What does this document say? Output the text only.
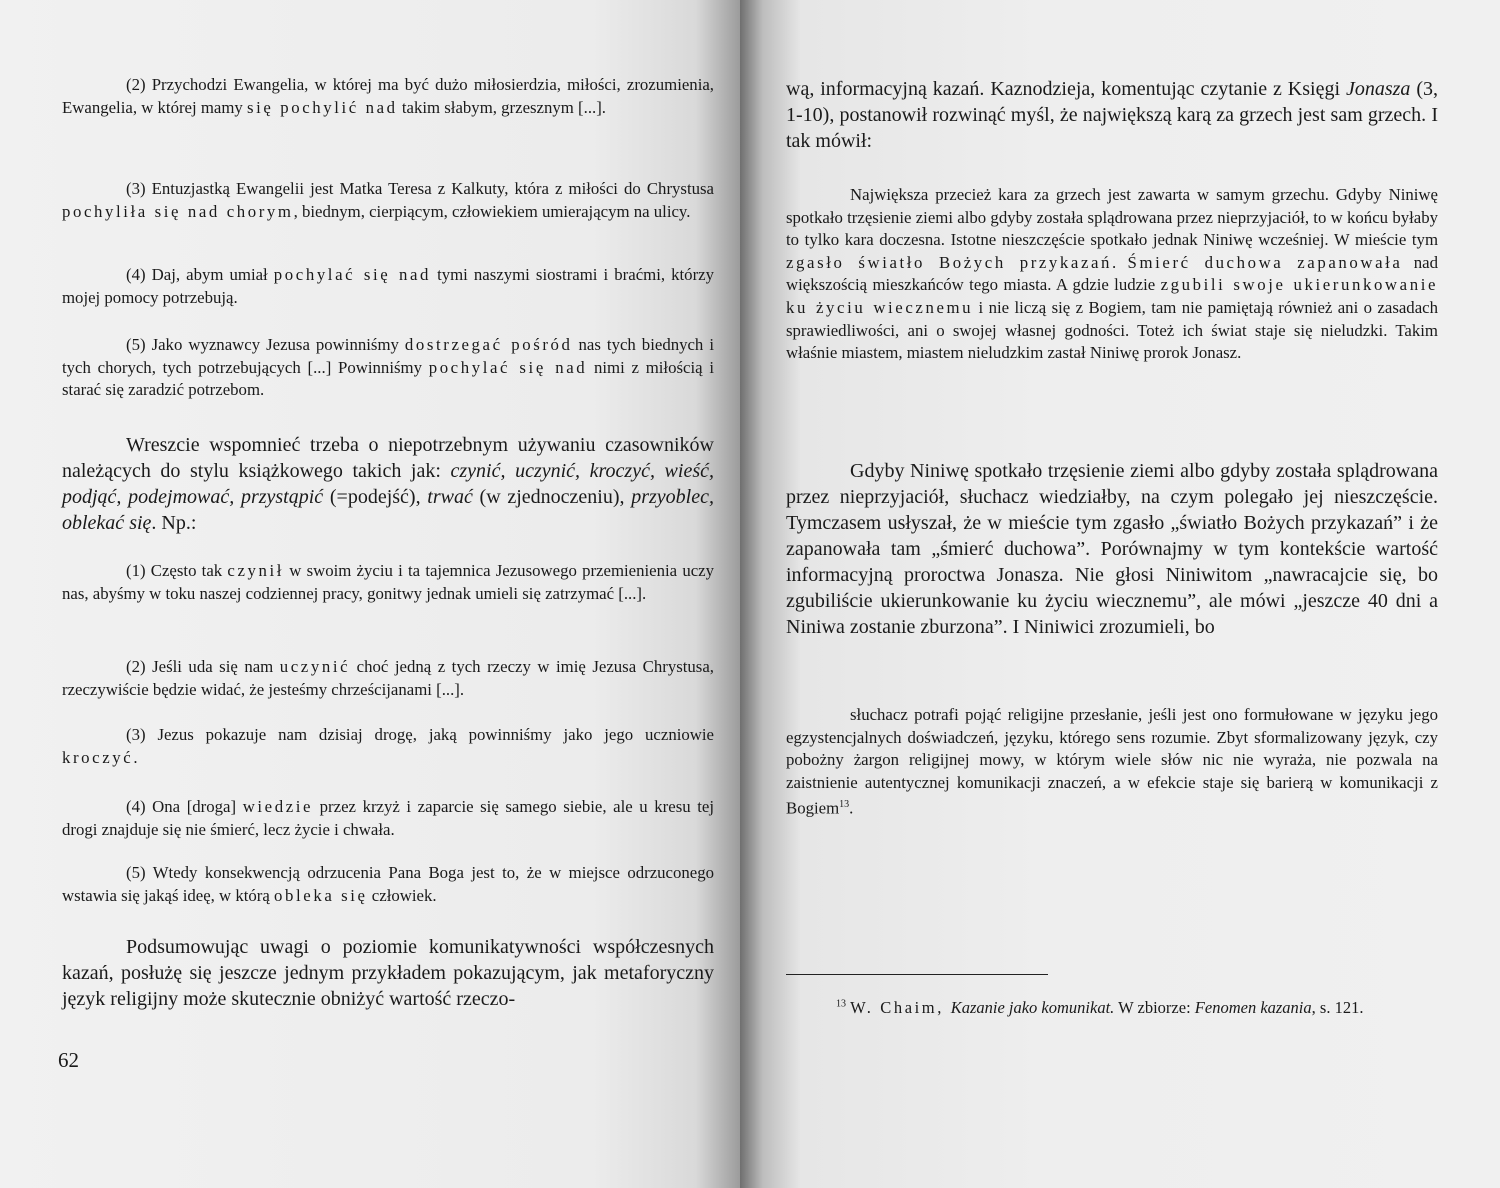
(2) Przychodzi Ewangelia, w której ma być dużo miłosierdzia, miłości, zrozumienia, Ewangelia, w której mamy się pochylić nad takim słabym, grzesznym [...].

(3) Entuzjastką Ewangelii jest Matka Teresa z Kalkuty, która z miłości do Chrystusa pochyliła się nad chorym, biednym, cierpiącym, człowiekiem umierającym na ulicy.

(4) Daj, abym umiał pochylać się nad tymi naszymi siostrami i braćmi, którzy mojej pomocy potrzebują.

(5) Jako wyznawcy Jezusa powinniśmy dostrzegać pośród nas tych biednych i tych chorych, tych potrzebujących [...] Powinniśmy pochylać się nad nimi z miłością i starać się zaradzić potrzebom.

Wreszcie wspomnieć trzeba o niepotrzebnym używaniu czasowników należących do stylu książkowego takich jak: czynić, uczynić, kroczyć, wieść, podjąć, podejmować, przystąpić (=podejść), trwać (w zjednoczeniu), przyoblec, oblekać się. Np.:

(1) Często tak czynił w swoim życiu i ta tajemnica Jezusowego przemienienia uczy nas, abyśmy w toku naszej codziennej pracy, gonitwy jednak umieli się zatrzymać [...].

(2) Jeśli uda się nam uczynić choć jedną z tych rzeczy w imię Jezusa Chrystusa, rzeczywiście będzie widać, że jesteśmy chrześcijanami [...].

(3) Jezus pokazuje nam dzisiaj drogę, jaką powinniśmy jako jego uczniowie kroczyć.

(4) Ona [droga] wiedzie przez krzyż i zaparcie się samego siebie, ale u kresu tej drogi znajduje się nie śmierć, lecz życie i chwała.

(5) Wtedy konsekwencją odrzucenia Pana Boga jest to, że w miejsce odrzuconego wstawia się jakąś ideę, w którą obleka się człowiek.

Podsumowując uwagi o poziomie komunikatywności współczesnych kazań, posłużę się jeszcze jednym przykładem pokazującym, jak metaforyczny język religijny może skutecznie obniżyć wartość rzeczo-

62

wą, informacyjną kazań. Kaznodzieja, komentując czytanie z Księgi Jonasza (3, 1-10), postanowił rozwinąć myśl, że największą karą za grzech jest sam grzech. I tak mówił:

Największa przecież kara za grzech jest zawarta w samym grzechu. Gdyby Niniwę spotkało trzęsienie ziemi albo gdyby została splądrowana przez nieprzyjaciół, to w końcu byłaby to tylko kara doczesna. Istotne nieszczęście spotkało jednak Niniwę wcześniej. W mieście tym zgasło światło Bożych przykazań. Śmierć duchowa zapanowała nad większością mieszkańców tego miasta. A gdzie ludzie zgubili swoje ukierunkowanie ku życiu wiecznemu i nie liczą się z Bogiem, tam nie pamiętają również ani o zasadach sprawiedliwości, ani o swojej własnej godności. Toteż ich świat staje się nieludzki. Takim właśnie miastem, miastem nieludzkim zastał Niniwę prorok Jonasz.

Gdyby Niniwę spotkało trzęsienie ziemi albo gdyby została splądrowana przez nieprzyjaciół, słuchacz wiedziałby, na czym polegało jej nieszczęście. Tymczasem usłyszał, że w mieście tym zgasło „światło Bożych przykazań” i że zapanowała tam „śmierć duchowa”. Porównajmy w tym kontekście wartość informacyjną proroctwa Jonasza. Nie głosi Niniwitom „nawracajcie się, bo zgubiliście ukierunkowanie ku życiu wiecznemu”, ale mówi „jeszcze 40 dni a Niniwa zostanie zburzona”. I Niniwici zrozumieli, bo

słuchacz potrafi pojąć religijne przesłanie, jeśli jest ono formułowane w języku jego egzystencjalnych doświadczeń, języku, którego sens rozumie. Zbyt sformalizowany język, czy pobożny żargon religijnej mowy, w którym wiele słów nic nie wyraża, nie pozwala na zaistnienie autentycznej komunikacji znaczeń, a w efekcie staje się barierą w komunikacji z Bogiem$^{13}$.

$^{13}$ W. Chaim, Kazanie jako komunikat. W zbiorze: Fenomen kazania, s. 121.
